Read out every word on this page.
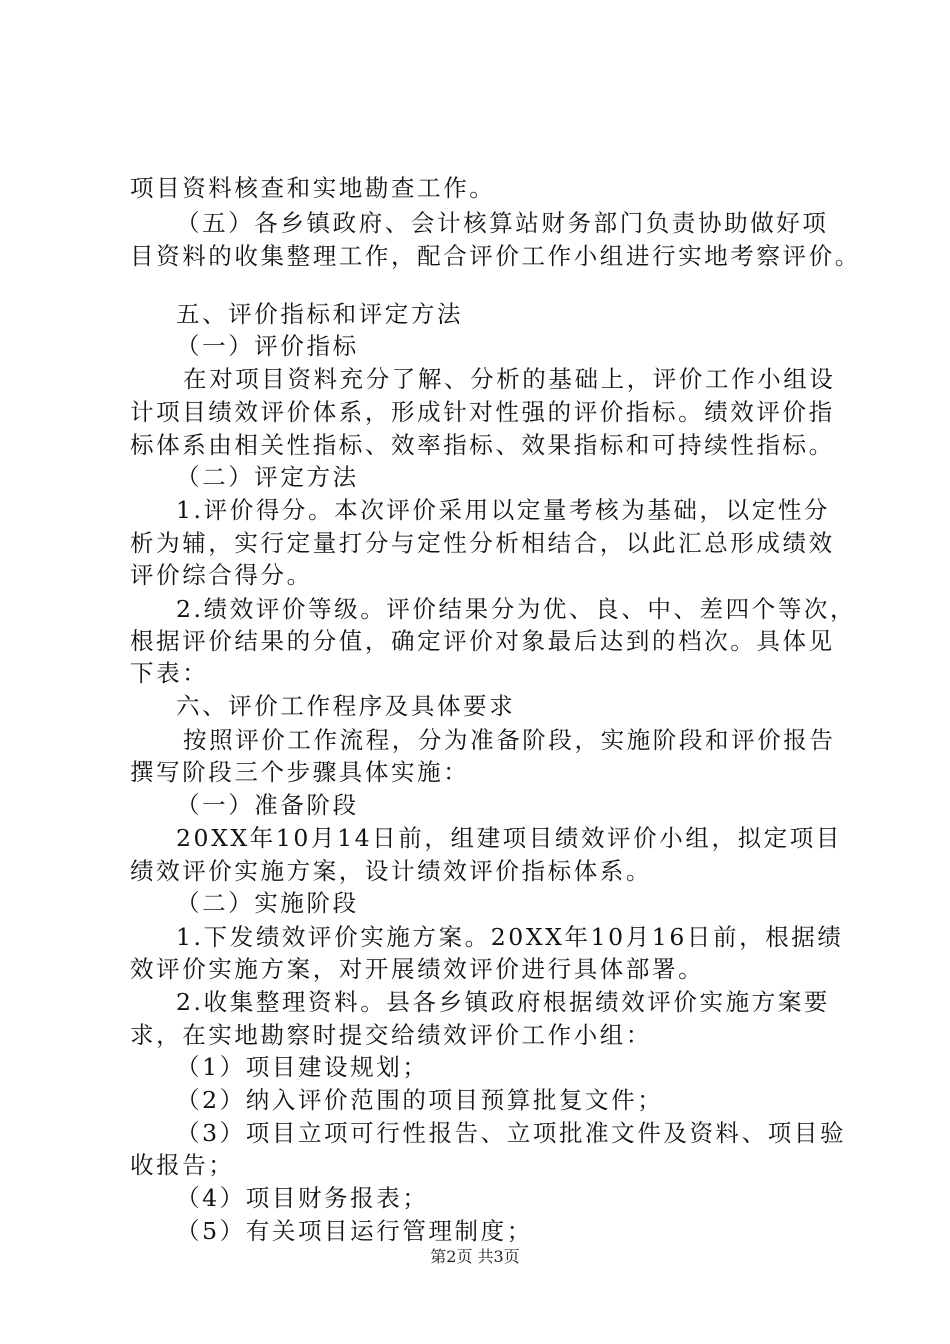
项目资料核查和实地勘查工作。
（五）各乡镇政府、会计核算站财务部门负责协助做好项
目资料的收集整理工作，配合评价工作小组进行实地考察评价。
五、评价指标和评定方法
（一）评价指标
在对项目资料充分了解、分析的基础上，评价工作小组设
计项目绩效评价体系，形成针对性强的评价指标。绩效评价指
标体系由相关性指标、效率指标、效果指标和可持续性指标。
（二）评定方法
1.评价得分。本次评价采用以定量考核为基础，以定性分
析为辅，实行定量打分与定性分析相结合，以此汇总形成绩效
评价综合得分。
2.绩效评价等级。评价结果分为优、良、中、差四个等次，
根据评价结果的分值，确定评价对象最后达到的档次。具体见
下表：
六、评价工作程序及具体要求
按照评价工作流程，分为准备阶段，实施阶段和评价报告
撰写阶段三个步骤具体实施：
（一）准备阶段
20XX年10月14日前，组建项目绩效评价小组，拟定项目
绩效评价实施方案，设计绩效评价指标体系。
（二）实施阶段
1.下发绩效评价实施方案。20XX年10月16日前，根据绩
效评价实施方案，对开展绩效评价进行具体部署。
2.收集整理资料。县各乡镇政府根据绩效评价实施方案要
求，在实地勘察时提交给绩效评价工作小组：
（1）项目建设规划；
（2）纳入评价范围的项目预算批复文件；
（3）项目立项可行性报告、立项批准文件及资料、项目验
收报告；
（4）项目财务报表；
（5）有关项目运行管理制度；
第2页 共3页
